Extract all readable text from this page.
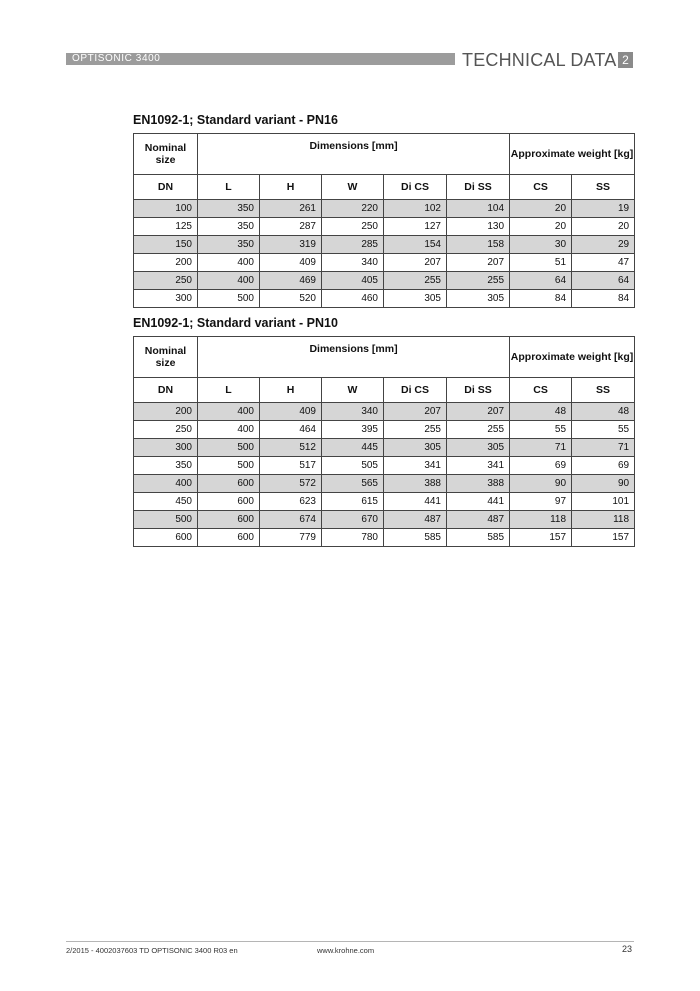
OPTISONIC 3400	TECHNICAL DATA 2
EN1092-1; Standard variant - PN16
Nominal size	Dimensions [mm]					Approximate weight [kg]	
DN	L	H	W	Di CS	Di SS	CS	SS
100	350	261	220	102	104	20	19
125	350	287	250	127	130	20	20
150	350	319	285	154	158	30	29
200	400	409	340	207	207	51	47
250	400	469	405	255	255	64	64
300	500	520	460	305	305	84	84
EN1092-1; Standard variant - PN10
Nominal size	Dimensions [mm]					Approximate weight [kg]	
DN	L	H	W	Di CS	Di SS	CS	SS
200	400	409	340	207	207	48	48
250	400	464	395	255	255	55	55
300	500	512	445	305	305	71	71
350	500	517	505	341	341	69	69
400	600	572	565	388	388	90	90
450	600	623	615	441	441	97	101
500	600	674	670	487	487	118	118
600	600	779	780	585	585	157	157
2/2015 - 4002037603 TD OPTISONIC 3400 R03 en	www.krohne.com	23
